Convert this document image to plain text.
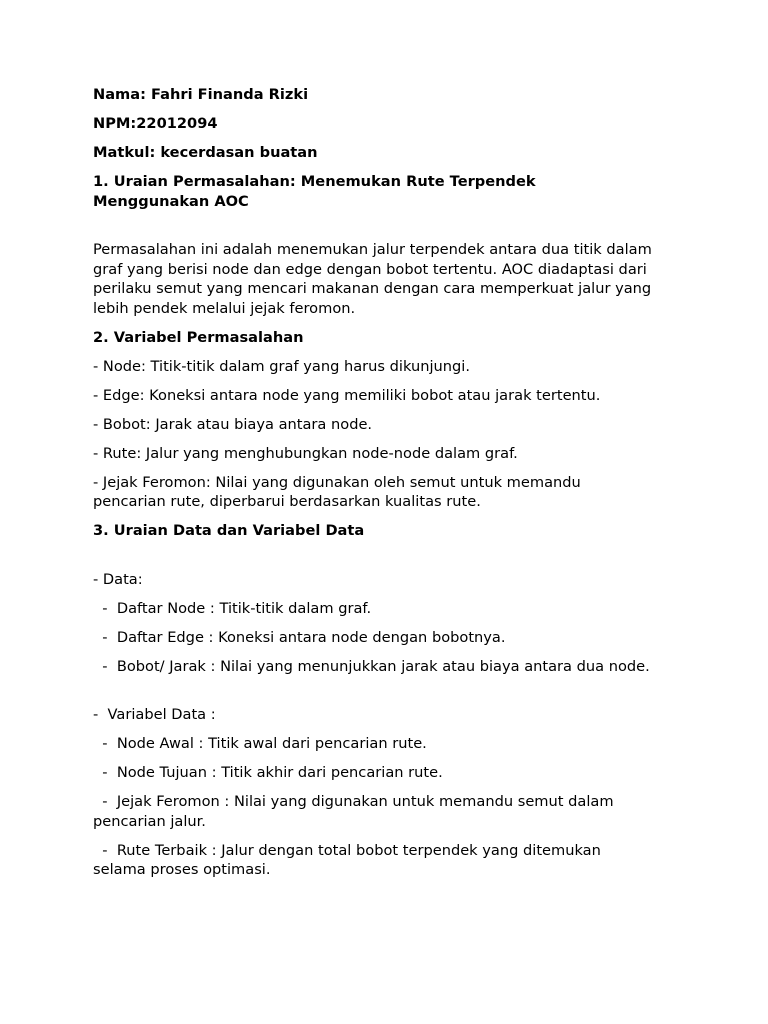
Nama: Fahri Finanda Rizki

NPM:22012094

Matkul: kecerdasan buatan

1. Uraian Permasalahan: Menemukan Rute Terpendek Menggunakan AOC

Permasalahan ini adalah menemukan jalur terpendek antara dua titik dalam graf yang berisi node dan edge dengan bobot tertentu. AOC diadaptasi dari perilaku semut yang mencari makanan dengan cara memperkuat jalur yang lebih pendek melalui jejak feromon.

2. Variabel Permasalahan

- Node: Titik-titik dalam graf yang harus dikunjungi.

- Edge: Koneksi antara node yang memiliki bobot atau jarak tertentu.

- Bobot: Jarak atau biaya antara node.

- Rute: Jalur yang menghubungkan node-node dalam graf.

- Jejak Feromon: Nilai yang digunakan oleh semut untuk memandu pencarian rute, diperbarui berdasarkan kualitas rute.

3. Uraian Data dan Variabel Data

- Data:

-  Daftar Node : Titik-titik dalam graf.

-  Daftar Edge : Koneksi antara node dengan bobotnya.

-  Bobot/ Jarak : Nilai yang menunjukkan jarak atau biaya antara dua node.

-  Variabel Data :

-  Node Awal : Titik awal dari pencarian rute.

-  Node Tujuan : Titik akhir dari pencarian rute.

-  Jejak Feromon : Nilai yang digunakan untuk memandu semut dalam pencarian jalur.

-  Rute Terbaik : Jalur dengan total bobot terpendek yang ditemukan selama proses optimasi.
